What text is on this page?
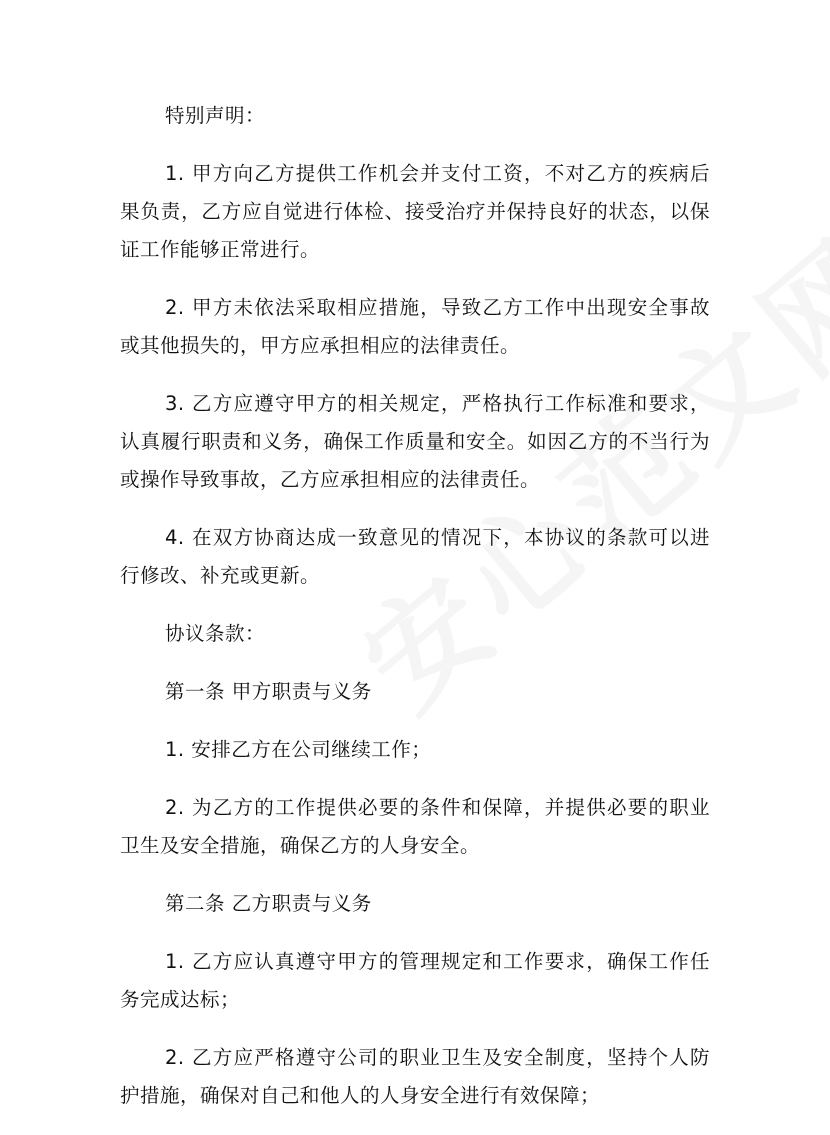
特别声明：

1. 甲方向乙方提供工作机会并支付工资，不对乙方的疾病后果负责，乙方应自觉进行体检、接受治疗并保持良好的状态，以保证工作能够正常进行。

2. 甲方未依法采取相应措施，导致乙方工作中出现安全事故或其他损失的，甲方应承担相应的法律责任。

3. 乙方应遵守甲方的相关规定，严格执行工作标准和要求，认真履行职责和义务，确保工作质量和安全。如因乙方的不当行为或操作导致事故，乙方应承担相应的法律责任。

4. 在双方协商达成一致意见的情况下，本协议的条款可以进行修改、补充或更新。

协议条款：

第一条 甲方职责与义务

1. 安排乙方在公司继续工作；

2. 为乙方的工作提供必要的条件和保障，并提供必要的职业卫生及安全措施，确保乙方的人身安全。

第二条 乙方职责与义务

1. 乙方应认真遵守甲方的管理规定和工作要求，确保工作任务完成达标；

2. 乙方应严格遵守公司的职业卫生及安全制度，坚持个人防护措施，确保对自己和他人的人身安全进行有效保障；
